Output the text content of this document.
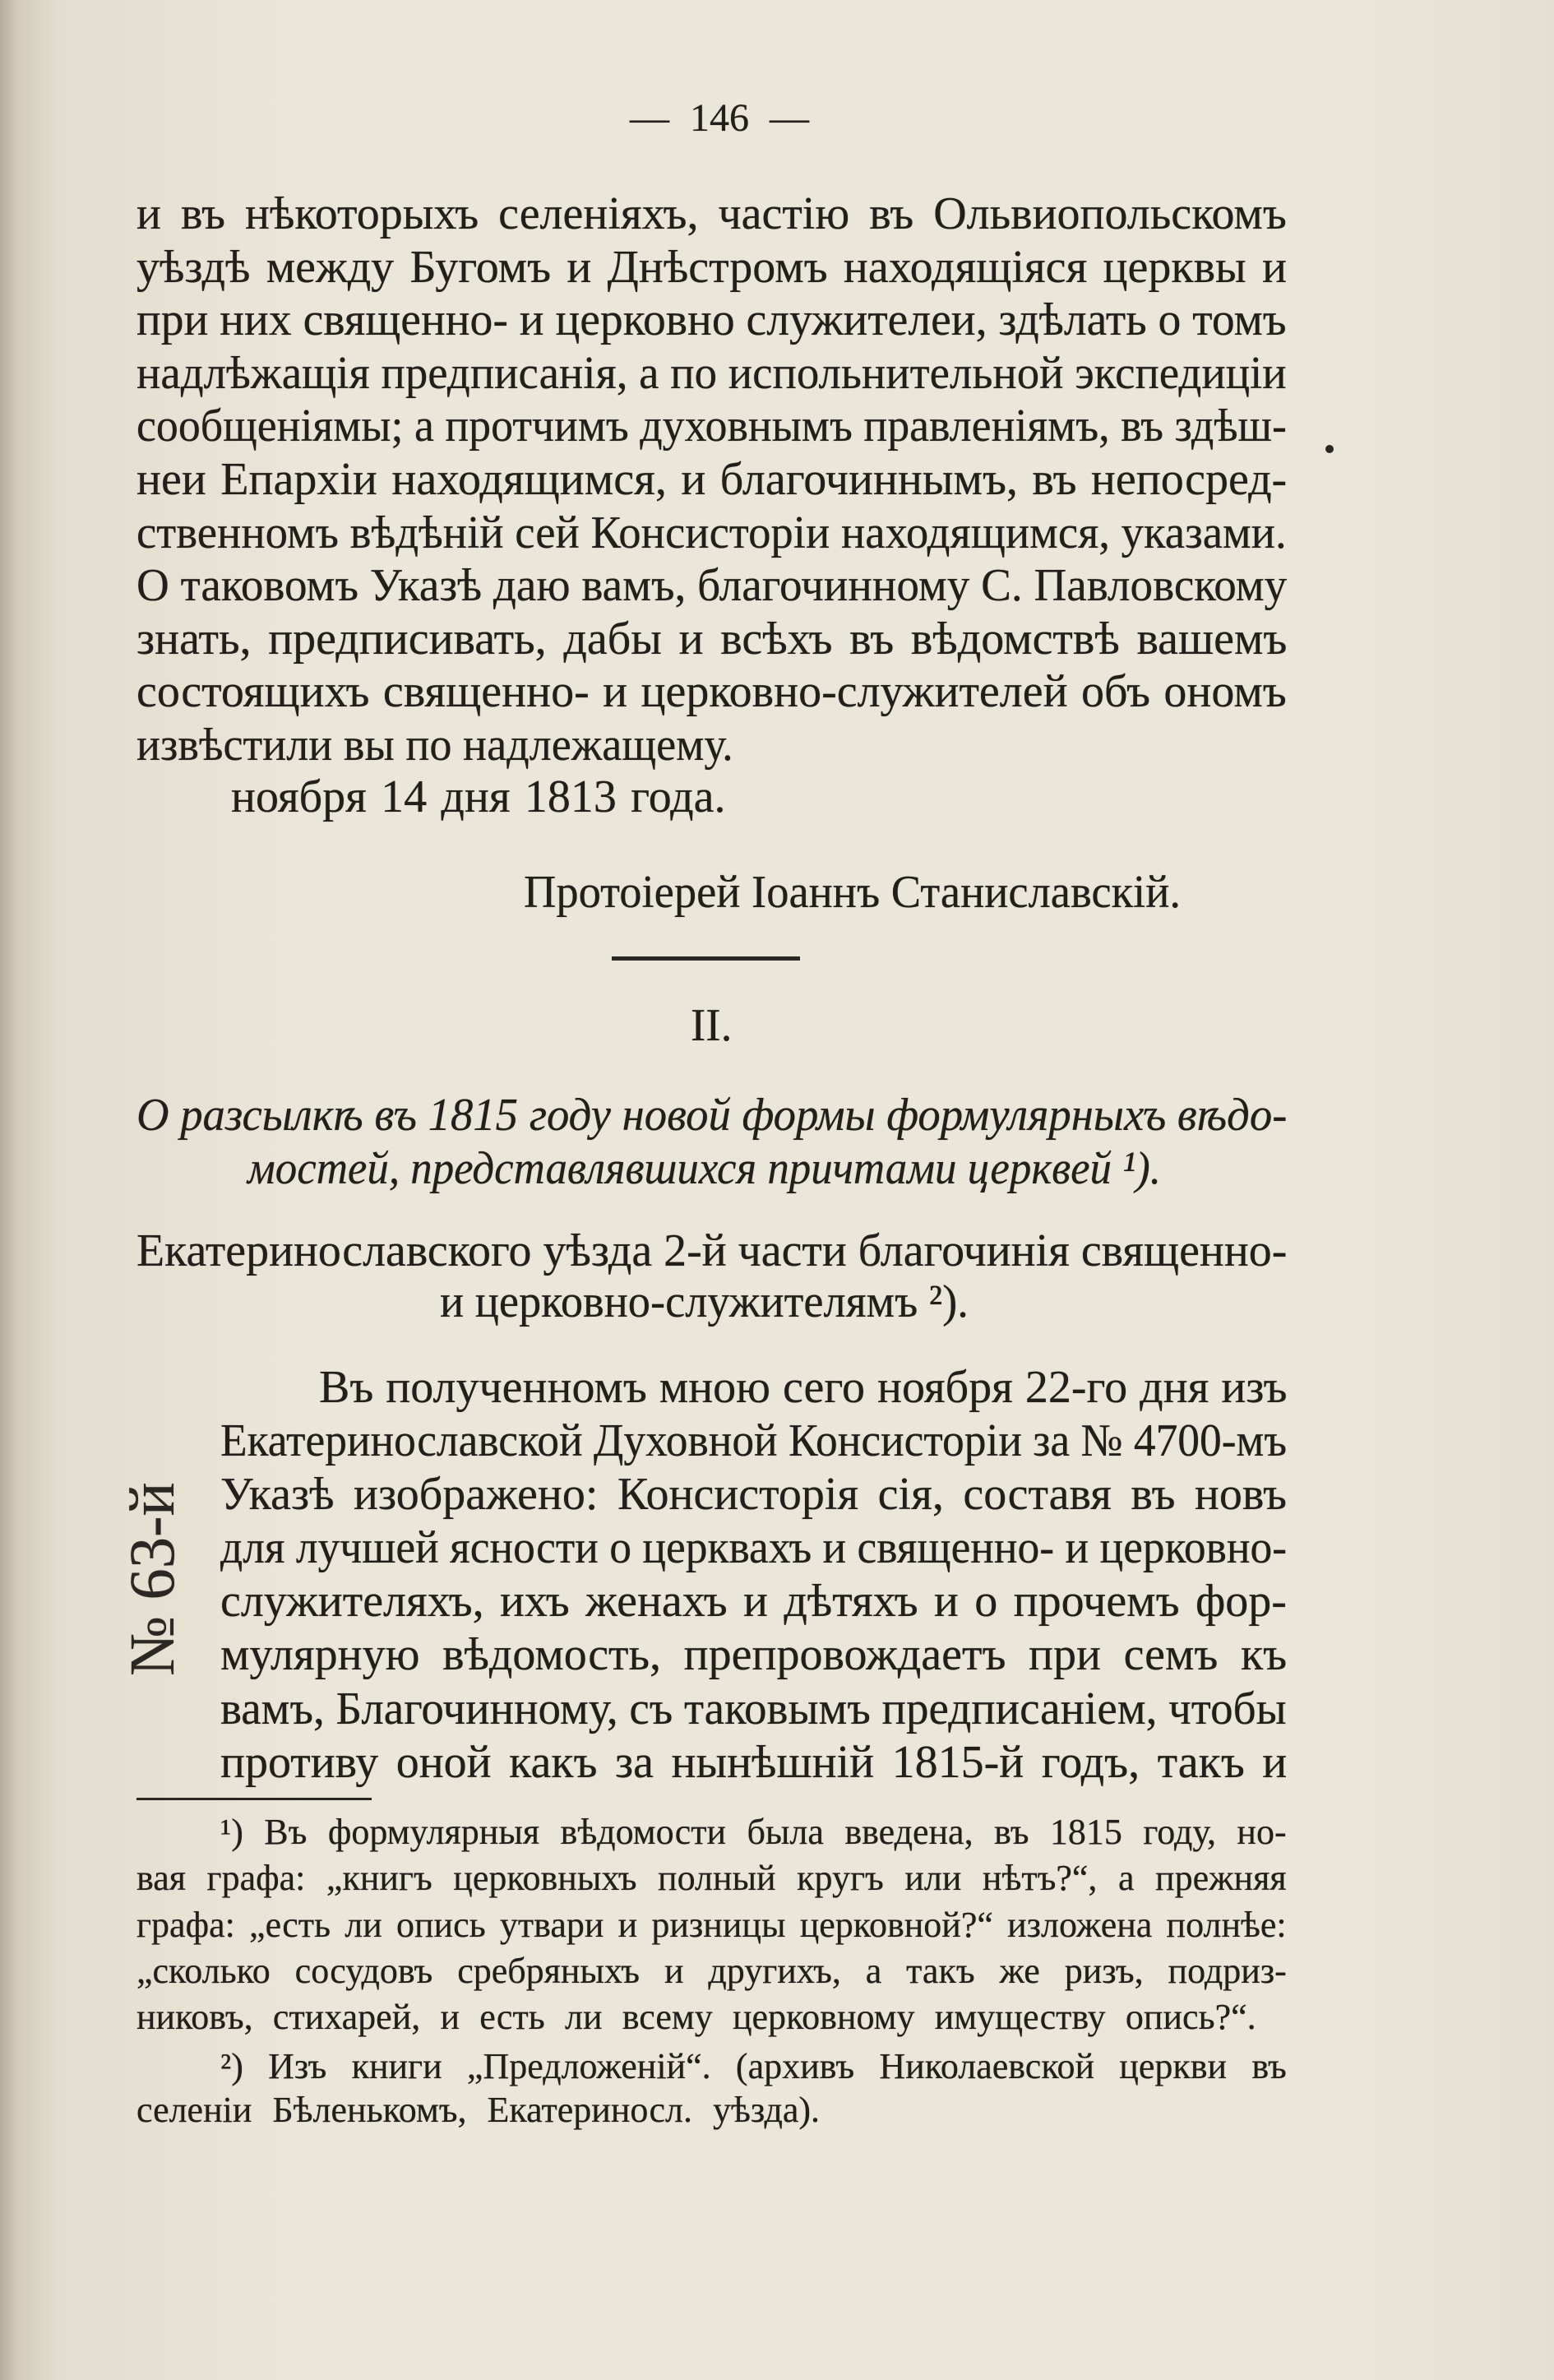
— 146 —
и въ нѣкоторыхъ селеніяхъ, частію въ Ольвиопольскомъ
уѣздѣ между Бугомъ и Днѣстромъ находящіяся церквы и
при них священно- и церковно служителеи, здѣлать о томъ
надлѣжащія предписанія, а по испольнительной экспедиціи
сообщеніямы; а протчимъ духовнымъ правленіямъ, въ здѣш-
неи Епархіи находящимся, и благочиннымъ, въ непосред-
ственномъ вѣдѣній сей Консисторіи находящимся, указами.
О таковомъ Указѣ даю вамъ, благочинному С. Павловскому
знать, предписивать, дабы и всѣхъ въ вѣдомствѣ вашемъ
состоящихъ священно- и церковно-служителей объ ономъ
извѣстили вы по надлежащему.
ноября 14 дня 1813 года.
Протоіерей Іоаннъ Станиславскій.
II.
О разсылкѣ въ 1815 году новой формы формулярныхъ вѣдо-
мостей, представлявшихся причтами церквей ¹).
Екатеринославского уѣзда 2-й части благочинія священно-
и церковно-служителямъ ²).
Въ полученномъ мною сего ноября 22-го дня изъ
Екатеринославской Духовной Консисторіи за № 4700-мъ
Указѣ изображено: Консисторія сія, составя въ новъ
для лучшей ясности о церквахъ и священно- и церковно-
служителяхъ, ихъ женахъ и дѣтяхъ и о прочемъ фор-
мулярную вѣдомость, препровождаетъ при семъ къ
вамъ, Благочинному, съ таковымъ предписаніем, чтобы
противу оной какъ за нынѣшній 1815-й годъ, такъ и
№ 63-й
¹) Въ формулярныя вѣдомости была введена, въ 1815 году, но-
вая графа: „книгъ церковныхъ полный кругъ или нѣтъ?“, а прежняя
графа: „есть ли опись утвари и ризницы церковной?“ изложена полнѣе:
„сколько сосудовъ сребряныхъ и другихъ, а такъ же ризъ, подриз-
никовъ, стихарей, и есть ли всему церковному имуществу опись?“.
²) Изъ книги „Предложеній“. (архивъ Николаевской церкви въ
селеніи Бѣленькомъ, Екатериносл. уѣзда).
